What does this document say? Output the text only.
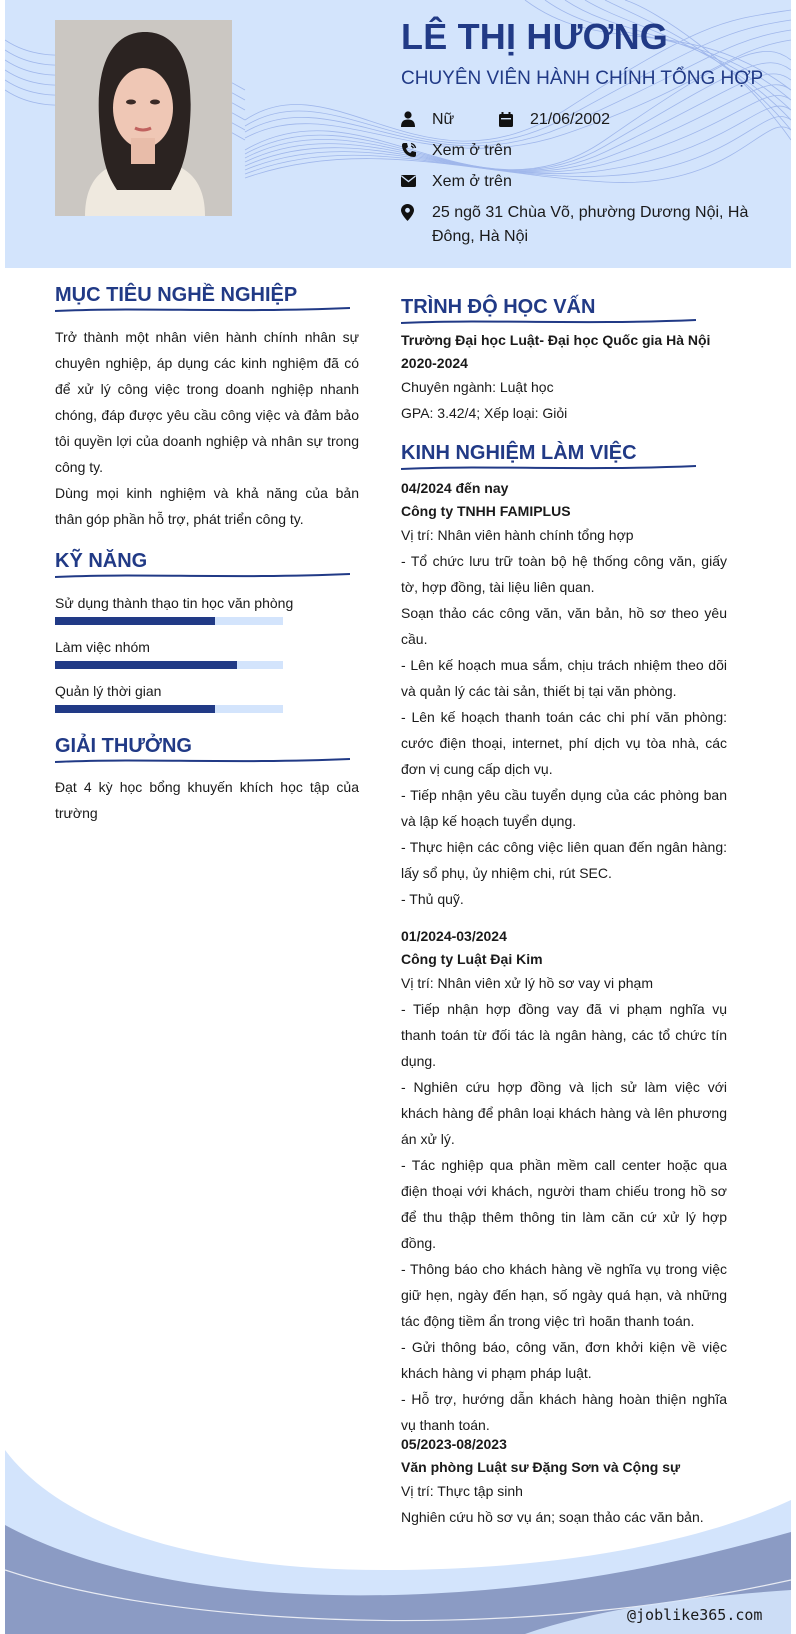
LÊ THỊ HƯƠNG
CHUYÊN VIÊN HÀNH CHÍNH TỔNG HỢP
Nữ	21/06/2002
Xem ở trên
Xem ở trên
25 ngõ 31 Chùa Võ, phường Dương Nội, Hà Đông, Hà Nội
MỤC TIÊU NGHỀ NGHIỆP
Trở thành một nhân viên hành chính nhân sự chuyên nghiệp, áp dụng các kinh nghiệm đã có để xử lý công việc trong doanh nghiệp nhanh chóng, đáp được yêu cầu công việc và đảm bảo tôi quyền lợi của doanh nghiệp và nhân sự trong công ty.
Dùng mọi kinh nghiệm và khả năng của bản thân góp phần hỗ trợ, phát triển công ty.
KỸ NĂNG
Sử dụng thành thạo tin học văn phòng
Làm việc nhóm
Quản lý thời gian
GIẢI THƯỞNG
Đạt 4 kỳ học bổng khuyến khích học tập của trường
TRÌNH ĐỘ HỌC VẤN
Trường Đại học Luật- Đại học Quốc gia Hà Nội
2020-2024
Chuyên ngành: Luật học
GPA: 3.42/4; Xếp loại: Giỏi
KINH NGHIỆM LÀM VIỆC
04/2024 đến nay
Công ty TNHH FAMIPLUS
Vị trí: Nhân viên hành chính tổng hợp
- Tổ chức lưu trữ toàn bộ hệ thống công văn, giấy tờ, hợp đồng, tài liệu liên quan.
Soạn thảo các công văn, văn bản, hồ sơ theo yêu cầu.
- Lên kế hoạch mua sắm, chịu trách nhiệm theo dõi và quản lý các tài sản, thiết bị tại văn phòng.
- Lên kế hoạch thanh toán các chi phí văn phòng: cước điện thoại, internet, phí dịch vụ tòa nhà, các đơn vị cung cấp dịch vụ.
- Tiếp nhận yêu cầu tuyển dụng của các phòng ban và lập kế hoạch tuyển dụng.
- Thực hiện các công việc liên quan đến ngân hàng: lấy sổ phụ, ủy nhiệm chi, rút SEC.
- Thủ quỹ.
01/2024-03/2024
Công ty Luật Đại Kim
Vị trí: Nhân viên xử lý hồ sơ vay vi phạm
- Tiếp nhận hợp đồng vay đã vi phạm nghĩa vụ thanh toán từ đối tác là ngân hàng, các tổ chức tín dụng.
- Nghiên cứu hợp đồng và lịch sử làm việc với khách hàng để phân loại khách hàng và lên phương án xử lý.
- Tác nghiệp qua phần mềm call center hoặc qua điện thoại với khách, người tham chiếu trong hồ sơ để thu thập thêm thông tin làm căn cứ xử lý hợp đồng.
- Thông báo cho khách hàng về nghĩa vụ trong việc giữ hẹn, ngày đến hạn, số ngày quá hạn, và những tác động tiềm ẩn trong việc trì hoãn thanh toán.
- Gửi thông báo, công văn, đơn khởi kiện về việc khách hàng vi phạm pháp luật.
- Hỗ trợ, hướng dẫn khách hàng hoàn thiện nghĩa vụ thanh toán.
05/2023-08/2023
Văn phòng Luật sư Đặng Sơn và Cộng sự
Vị trí: Thực tập sinh
Nghiên cứu hồ sơ vụ án; soạn thảo các văn bản.
@joblike365.com
